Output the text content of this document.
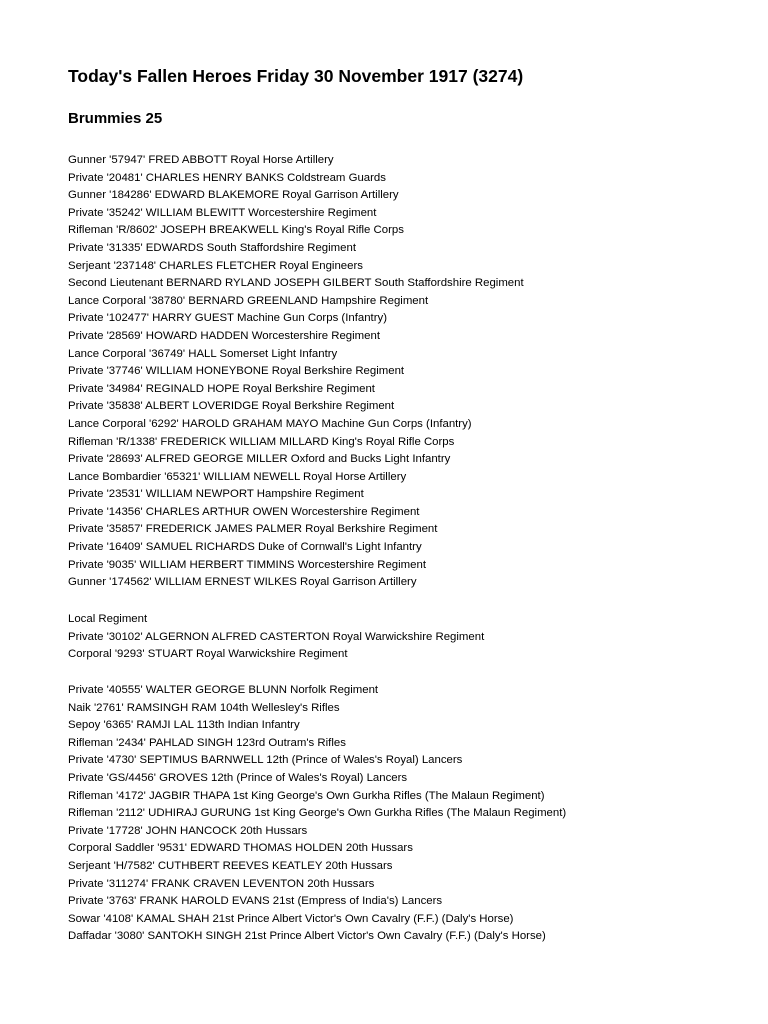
Today's Fallen Heroes Friday 30 November 1917 (3274)
Brummies 25
Gunner '57947' FRED ABBOTT Royal Horse Artillery
Private '20481' CHARLES HENRY BANKS Coldstream Guards
Gunner '184286' EDWARD BLAKEMORE Royal Garrison Artillery
Private '35242' WILLIAM BLEWITT Worcestershire Regiment
Rifleman 'R/8602' JOSEPH BREAKWELL King's Royal Rifle Corps
Private '31335' EDWARDS South Staffordshire Regiment
Serjeant '237148' CHARLES FLETCHER Royal Engineers
Second Lieutenant BERNARD RYLAND JOSEPH GILBERT South Staffordshire Regiment
Lance Corporal '38780' BERNARD GREENLAND Hampshire Regiment
Private '102477' HARRY GUEST Machine Gun Corps (Infantry)
Private '28569' HOWARD HADDEN Worcestershire Regiment
Lance Corporal '36749' HALL Somerset Light Infantry
Private '37746' WILLIAM HONEYBONE Royal Berkshire Regiment
Private '34984' REGINALD HOPE Royal Berkshire Regiment
Private '35838' ALBERT LOVERIDGE Royal Berkshire Regiment
Lance Corporal '6292' HAROLD GRAHAM MAYO Machine Gun Corps (Infantry)
Rifleman 'R/1338' FREDERICK WILLIAM MILLARD King's Royal Rifle Corps
Private '28693' ALFRED GEORGE MILLER Oxford and Bucks Light Infantry
Lance Bombardier '65321' WILLIAM NEWELL Royal Horse Artillery
Private '23531' WILLIAM NEWPORT Hampshire Regiment
Private '14356' CHARLES ARTHUR OWEN Worcestershire Regiment
Private '35857' FREDERICK JAMES PALMER Royal Berkshire Regiment
Private '16409' SAMUEL RICHARDS Duke of Cornwall's Light Infantry
Private '9035' WILLIAM HERBERT TIMMINS Worcestershire Regiment
Gunner '174562' WILLIAM ERNEST WILKES Royal Garrison Artillery
Local Regiment
Private '30102' ALGERNON ALFRED CASTERTON Royal Warwickshire Regiment
Corporal '9293' STUART Royal Warwickshire Regiment
Private '40555' WALTER GEORGE BLUNN Norfolk Regiment
Naik '2761' RAMSINGH RAM 104th Wellesley's Rifles
Sepoy '6365' RAMJI LAL 113th Indian Infantry
Rifleman '2434' PAHLAD SINGH 123rd Outram's Rifles
Private '4730' SEPTIMUS BARNWELL 12th (Prince of Wales's Royal) Lancers
Private 'GS/4456' GROVES 12th (Prince of Wales's Royal) Lancers
Rifleman '4172' JAGBIR THAPA 1st King George's Own Gurkha Rifles (The Malaun Regiment)
Rifleman '2112' UDHIRAJ GURUNG 1st King George's Own Gurkha Rifles (The Malaun Regiment)
Private '17728' JOHN HANCOCK 20th Hussars
Corporal Saddler '9531' EDWARD THOMAS HOLDEN 20th Hussars
Serjeant 'H/7582' CUTHBERT REEVES KEATLEY 20th Hussars
Private '311274' FRANK CRAVEN LEVENTON 20th Hussars
Private '3763' FRANK HAROLD EVANS 21st (Empress of India's) Lancers
Sowar '4108' KAMAL SHAH 21st Prince Albert Victor's Own Cavalry (F.F.) (Daly's Horse)
Daffadar '3080' SANTOKH SINGH 21st Prince Albert Victor's Own Cavalry (F.F.) (Daly's Horse)
